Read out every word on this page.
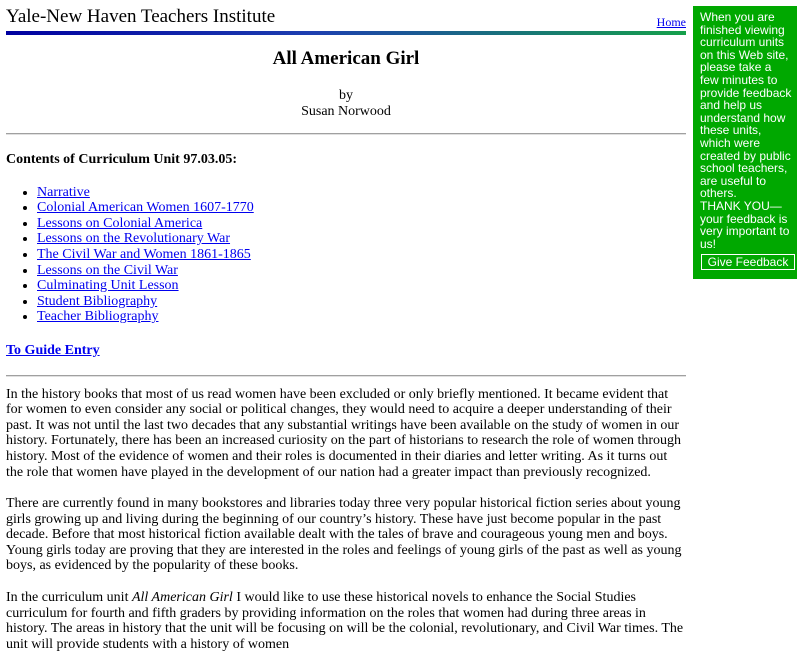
Yale-New Haven Teachers Institute	Home
All American Girl
by
Susan Norwood

Contents of Curriculum Unit 97.03.05:

• Narrative
• Colonial American Women 1607-1770
• Lessons on Colonial America
• Lessons on the Revolutionary War
• The Civil War and Women 1861-1865
• Lessons on the Civil War
• Culminating Unit Lesson
• Student Bibliography
• Teacher Bibliography

To Guide Entry

In the history books that most of us read women have been excluded or only briefly mentioned. It became evident that for women to even consider any social or political changes, they would need to acquire a deeper understanding of their past. It was not until the last two decades that any substantial writings have been available on the study of women in our history. Fortunately, there has been an increased curiosity on the part of historians to research the role of women through history. Most of the evidence of women and their roles is documented in their diaries and letter writing. As it turns out the role that women have played in the development of our nation had a greater impact than previously recognized.

There are currently found in many bookstores and libraries today three very popular historical fiction series about young girls growing up and living during the beginning of our country’s history. These have just become popular in the past decade. Before that most historical fiction available dealt with the tales of brave and courageous young men and boys. Young girls today are proving that they are interested in the roles and feelings of young girls of the past as well as young boys, as evidenced by the popularity of these books.

In the curriculum unit All American Girl I would like to use these historical novels to enhance the Social Studies curriculum for fourth and fifth graders by providing information on the roles that women had during three areas in history. The areas in history that the unit will be focusing on will be the colonial, revolutionary, and Civil War times. The unit will provide students with a history of women

When you are finished viewing curriculum units on this Web site, please take a few minutes to provide feedback and help us understand how these units, which were created by public school teachers, are useful to others.
THANK YOU— your feedback is very important to us!
Give Feedback
